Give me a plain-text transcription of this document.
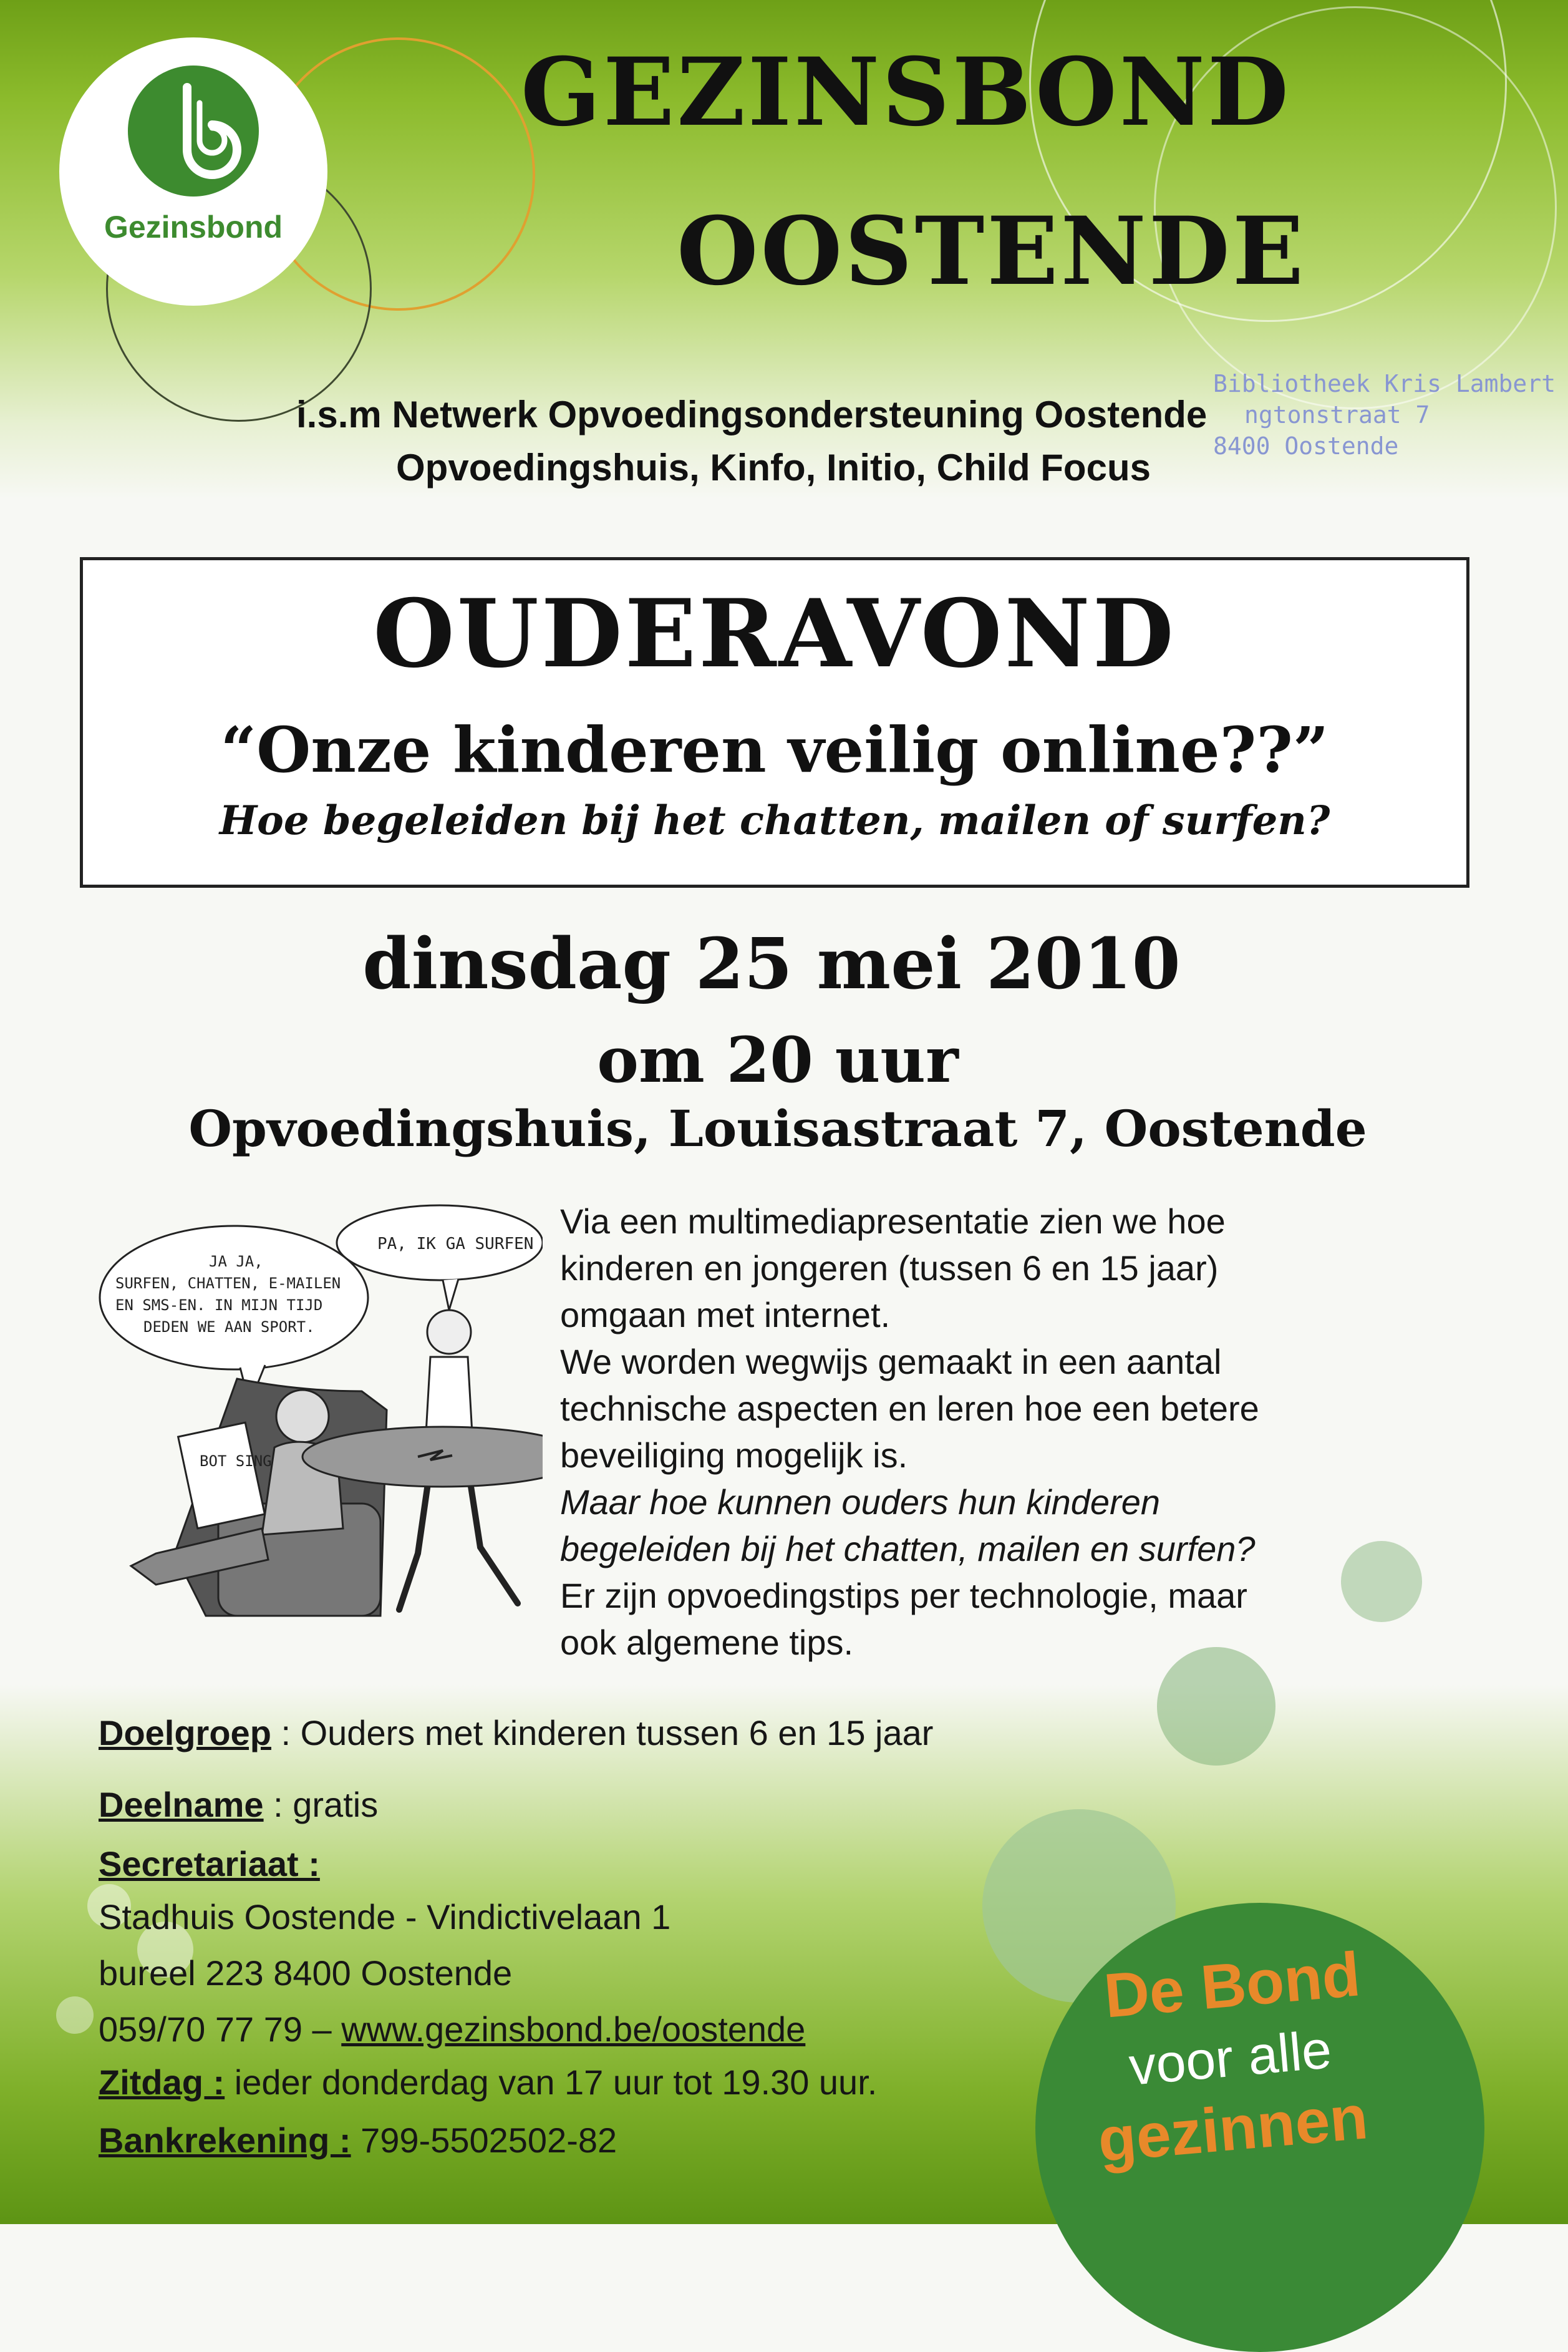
Gezinsbond
GEZINSBOND
OOSTENDE
i.s.m Netwerk Opvoedingsondersteuning Oostende
Opvoedingshuis, Kinfo, Initio, Child Focus
Bibliotheek Kris Lambert
ngtonstraat 7
8400 Oostende
OUDERAVOND
“Onze kinderen veilig online??”
Hoe begeleiden bij het chatten, mailen of surfen?
dinsdag 25 mei 2010
om 20 uur
Opvoedingshuis, Louisastraat 7, Oostende
BOT SING
PA, IK GA SURFEN
JA JA,
SURFEN, CHATTEN, E-MAILEN
EN SMS-EN. IN MIJN TIJD
DEDEN WE AAN SPORT.
Via een multimediapresentatie zien we hoe
kinderen en jongeren (tussen 6 en 15 jaar)
omgaan met internet.
We worden wegwijs gemaakt in een aantal
technische aspecten en leren hoe een betere
beveiliging mogelijk is.
Maar hoe kunnen ouders hun kinderen
begeleiden bij het chatten, mailen en surfen?
Er zijn opvoedingstips per technologie, maar
ook algemene tips.
Doelgroep : Ouders met kinderen tussen 6 en 15 jaar
Deelname : gratis
Secretariaat :
Stadhuis Oostende - Vindictivelaan 1
bureel 223 8400 Oostende
059/70 77 79 – www.gezinsbond.be/oostende
Zitdag : ieder donderdag van 17 uur tot 19.30 uur.
Bankrekening : 799-5502502-82
De Bond
voor alle
gezinnen
